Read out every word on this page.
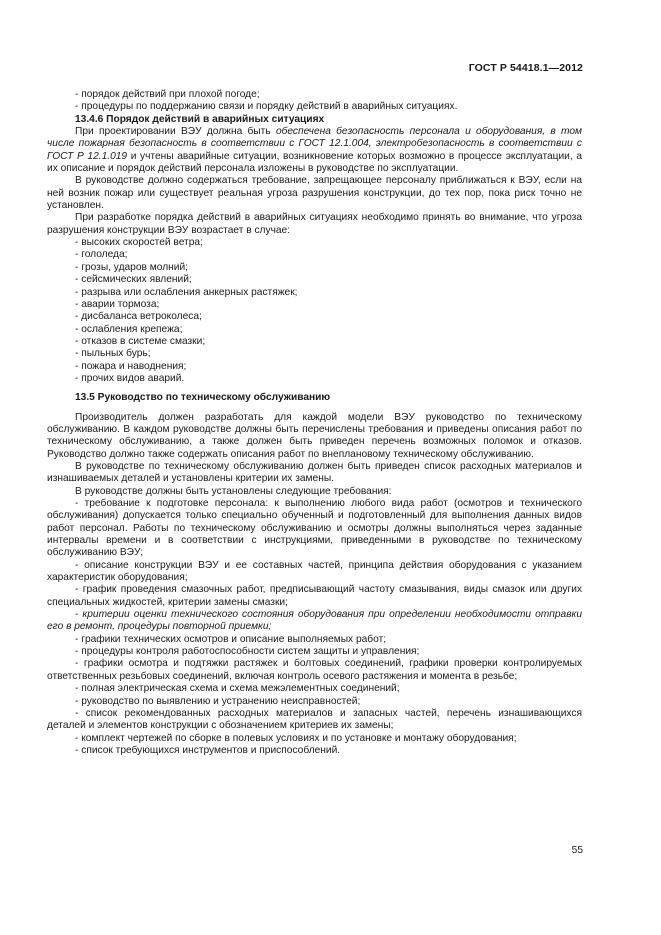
ГОСТ Р 54418.1—2012

- порядок действий при плохой погоде;

- процедуры по поддержанию связи и порядку действий в аварийных ситуациях.

13.4.6 Порядок действий в аварийных ситуациях

При проектировании ВЭУ должна быть обеспечена безопасность персонала и оборудования, в том числе пожарная безопасность в соответствии с ГОСТ 12.1.004, электробезопасность в соответствии с ГОСТ Р 12.1.019 и учтены аварийные ситуации, возникновение которых возможно в процессе эксплуатации, а их описание и порядок действий персонала изложены в руководстве по эксплуатации.

В руководстве должно содержаться требование, запрещающее персоналу приближаться к ВЭУ, если на ней возник пожар или существует реальная угроза разрушения конструкции, до тех пор, пока риск точно не установлен.

При разработке порядка действий в аварийных ситуациях необходимо принять во внимание, что угроза разрушения конструкции ВЭУ возрастает в случае:

- высоких скоростей ветра;

- гололеда;

- грозы, ударов молний;

- сейсмических явлений;

- разрыва или ослабления анкерных растяжек;

- аварии тормоза;

- дисбаланса ветроколеса;

- ослабления крепежа;

- отказов в системе смазки;

- пыльных бурь;

- пожара и наводнения;

- прочих видов аварий.

13.5 Руководство по техническому обслуживанию

Производитель должен разработать для каждой модели ВЭУ руководство по техническому обслуживанию. В каждом руководстве должны быть перечислены требования и приведены описания работ по техническому обслуживанию, а также должен быть приведен перечень возможных поломок и отказов. Руководство должно также содержать описания работ по внеплановому техническому обслуживанию.

В руководстве по техническому обслуживанию должен быть приведен список расходных материалов и изнашиваемых деталей и установлены критерии их замены.

В руководстве должны быть установлены следующие требования:

- требование к подготовке персонала: к выполнению любого вида работ (осмотров и технического обслуживания) допускается только специально обученный и подготовленный для выполнения данных видов работ персонал. Работы по техническому обслуживанию и осмотры должны выполняться через заданные интервалы времени и в соответствии с инструкциями, приведенными в руководстве по техническому обслуживанию ВЭУ;

- описание конструкции ВЭУ и ее составных частей, принципа действия оборудования с указанием характеристик оборудования;

- график проведения смазочных работ, предписывающий частоту смазывания, виды смазок или других специальных жидкостей, критерии замены смазки;

- критерии оценки технического состояния оборудования при определении необходимости отправки его в ремонт, процедуры повторной приемки;

- графики технических осмотров и описание выполняемых работ;

- процедуры контроля работоспособности систем защиты и управления;

- графики осмотра и подтяжки растяжек и болтовых соединений, графики проверки контролируемых ответственных резьбовых соединений, включая контроль осевого растяжения и момента в резьбе;

- полная электрическая схема и схема межэлементных соединений;

- руководство по выявлению и устранению неисправностей;

- список рекомендованных расходных материалов и запасных частей, перечень изнашивающихся деталей и элементов конструкции с обозначением критериев их замены;

- комплект чертежей по сборке в полевых условиях и по установке и монтажу оборудования;

- список требующихся инструментов и приспособлений.

55
